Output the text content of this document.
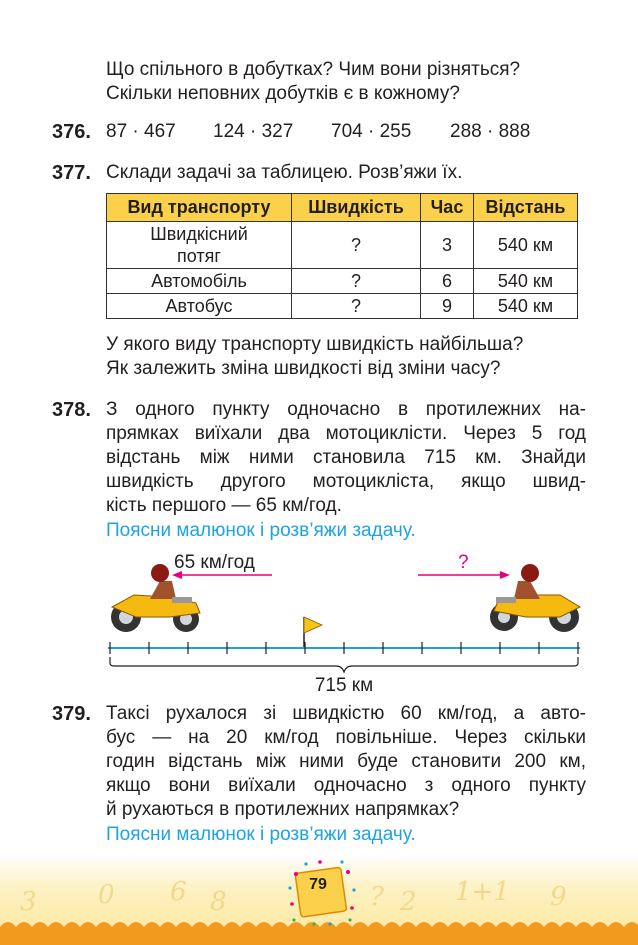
Що спільного в добутках? Чим вони різняться?
Скільки неповних добутків є в кожному?
376. 87 · 467 124 · 327 704 · 255 288 · 888
377. Склади задачі за таблицею. Розв’яжи їх.
Вид транспорту	Швидкість	Час	Відстань

Швидкісний
потяг	?	3	540 км
Автомобіль	?	6	540 км
Автобус	?	9	540 км
У якого виду транспорту швидкість найбільша?
Як залежить зміна швидкості від зміни часу?
378. З одного пункту одночасно в протилежних на-
прямках виїхали два мотоциклісти. Через 5 год
відстань між ними становила 715 км. Знайди
швидкість другого мотоцикліста, якщо швид-
кість першого — 65 км/год.
Поясни малюнок і розв’яжи задачу.
65 км/год	?
715 км
379. Таксі рухалося зі швидкістю 60 км/год, а авто-
бус — на 20 км/год повільніше. Через скільки
годин відстань між ними буде становити 200 км,
якщо вони виїхали одночасно з одного пункту
й рухаються в протилежних напрямках?
Поясни малюнок і розв’яжи задачу.
3 0 6 8	2
?	1+1 9
79
